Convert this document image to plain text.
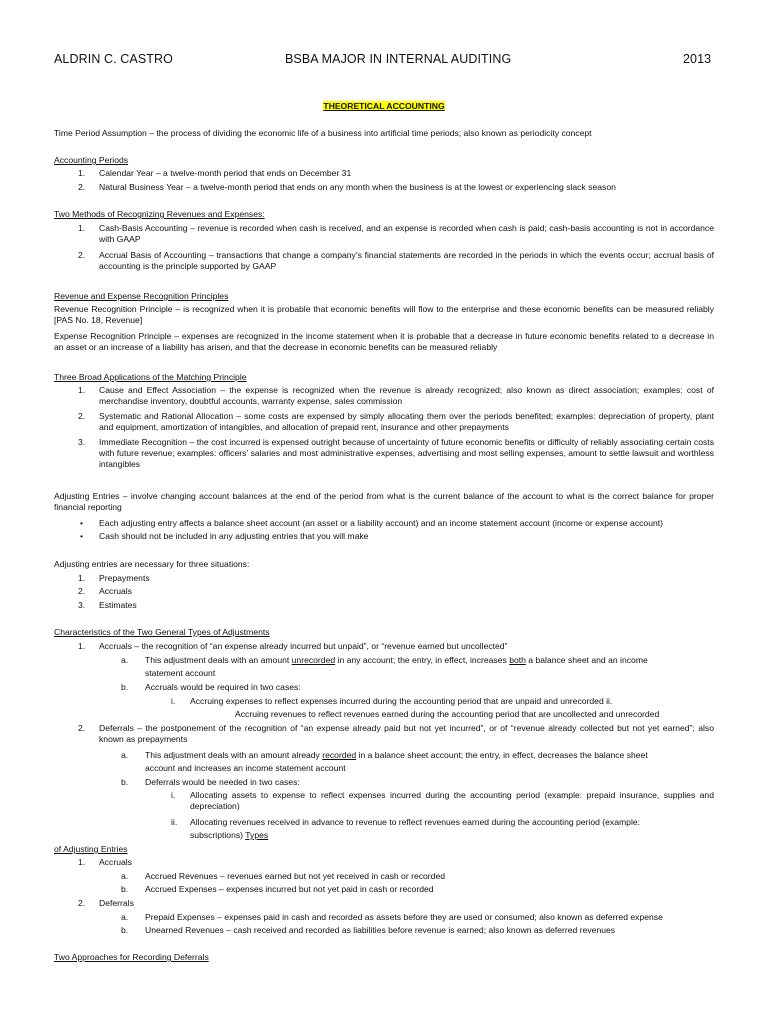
ALDRIN C. CASTRO	BSBA MAJOR IN INTERNAL AUDITING	2013
THEORETICAL ACCOUNTING
Time Period Assumption – the process of dividing the economic life of a business into artificial time periods; also known as periodicity concept
Accounting Periods
1. Calendar Year – a twelve-month period that ends on December 31
2. Natural Business Year – a twelve-month period that ends on any month when the business is at the lowest or experiencing slack season
Two Methods of Recognizing Revenues and Expenses:
1. Cash-Basis Accounting – revenue is recorded when cash is received, and an expense is recorded when cash is paid; cash-basis accounting is not in accordance with GAAP
2. Accrual Basis of Accounting – transactions that change a company’s financial statements are recorded in the periods in which the events occur; accrual basis of accounting is the principle supported by GAAP
Revenue and Expense Recognition Principles
Revenue Recognition Principle – is recognized when it is probable that economic benefits will flow to the enterprise and these economic benefits can be measured reliably [PAS No. 18, Revenue]
Expense Recognition Principle – expenses are recognized in the income statement when it is probable that a decrease in future economic benefits related to a decrease in an asset or an increase of a liability has arisen, and that the decrease in economic benefits can be measured reliably
Three Broad Applications of the Matching Principle
1. Cause and Effect Association – the expense is recognized when the revenue is already recognized; also known as direct association; examples: cost of merchandise inventory, doubtful accounts, warranty expense, sales commission
2. Systematic and Rational Allocation – some costs are expensed by simply allocating them over the periods benefited; examples: depreciation of property, plant and equipment, amortization of intangibles, and allocation of prepaid rent, insurance and other prepayments
3. Immediate Recognition – the cost incurred is expensed outright because of uncertainty of future economic benefits or difficulty of reliably associating certain costs with future revenue; examples: officers’ salaries and most administrative expenses, advertising and most selling expenses, amount to settle lawsuit and worthless intangibles
Adjusting Entries – involve changing account balances at the end of the period from what is the current balance of the account to what is the correct balance for proper financial reporting
• Each adjusting entry affects a balance sheet account (an asset or a liability account) and an income statement account (income or expense account)
• Cash should not be included in any adjusting entries that you will make
Adjusting entries are necessary for three situations:
1. Prepayments
2. Accruals
3. Estimates
Characteristics of the Two General Types of Adjustments
1. Accruals – the recognition of “an expense already incurred but unpaid”, or “revenue earned but uncollected”
a. This adjustment deals with an amount unrecorded in any account; the entry, in effect, increases both a balance sheet and an income
statement account
b. Accruals would be required in two cases:
i. Accruing expenses to reflect expenses incurred during the accounting period that are unpaid and unrecorded ii.
Accruing revenues to reflect revenues earned during the accounting period that are uncollected and unrecorded
2. Deferrals – the postponement of the recognition of “an expense already paid but not yet incurred”, or of “revenue already collected but not yet earned”; also known as prepayments
a. This adjustment deals with an amount already recorded in a balance sheet account; the entry, in effect, decreases the balance sheet
account and increases an income statement account
b. Deferrals would be needed in two cases:
i. Allocating assets to expense to reflect expenses incurred during the accounting period (example: prepaid insurance, supplies and depreciation)
ii. Allocating revenues received in advance to revenue to reflect revenues earned during the accounting period (example:
subscriptions) Types
of Adjusting Entries
1. Accruals
a. Accrued Revenues – revenues earned but not yet received in cash or recorded
b. Accrued Expenses – expenses incurred but not yet paid in cash or recorded
2. Deferrals
a. Prepaid Expenses – expenses paid in cash and recorded as assets before they are used or consumed; also known as deferred expense
b. Unearned Revenues – cash received and recorded as liabilities before revenue is earned; also known as deferred revenues
Two Approaches for Recording Deferrals
